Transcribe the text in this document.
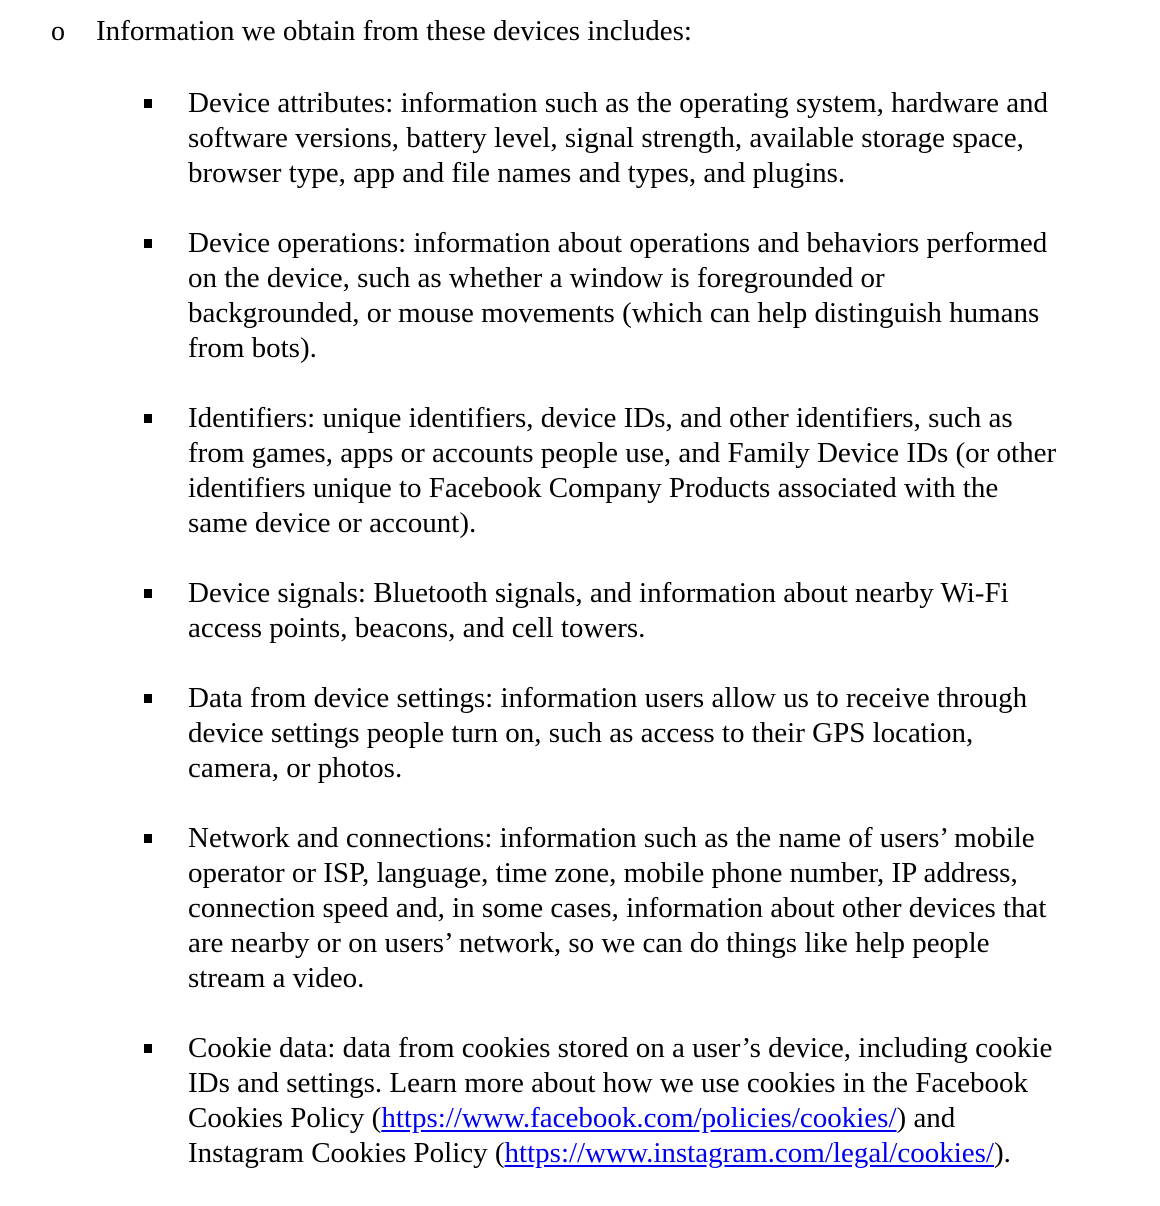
o Information we obtain from these devices includes:
Device attributes: information such as the operating system, hardware and
software versions, battery level, signal strength, available storage space,
browser type, app and file names and types, and plugins.
Device operations: information about operations and behaviors performed
on the device, such as whether a window is foregrounded or
backgrounded, or mouse movements (which can help distinguish humans
from bots).
Identifiers: unique identifiers, device IDs, and other identifiers, such as
from games, apps or accounts people use, and Family Device IDs (or other
identifiers unique to Facebook Company Products associated with the
same device or account).
Device signals: Bluetooth signals, and information about nearby Wi-Fi
access points, beacons, and cell towers.
Data from device settings: information users allow us to receive through
device settings people turn on, such as access to their GPS location,
camera, or photos.
Network and connections: information such as the name of users’ mobile
operator or ISP, language, time zone, mobile phone number, IP address,
connection speed and, in some cases, information about other devices that
are nearby or on users’ network, so we can do things like help people
stream a video.
Cookie data: data from cookies stored on a user’s device, including cookie
IDs and settings. Learn more about how we use cookies in the Facebook
Cookies Policy (https://www.facebook.com/policies/cookies/) and
Instagram Cookies Policy (https://www.instagram.com/legal/cookies/).
